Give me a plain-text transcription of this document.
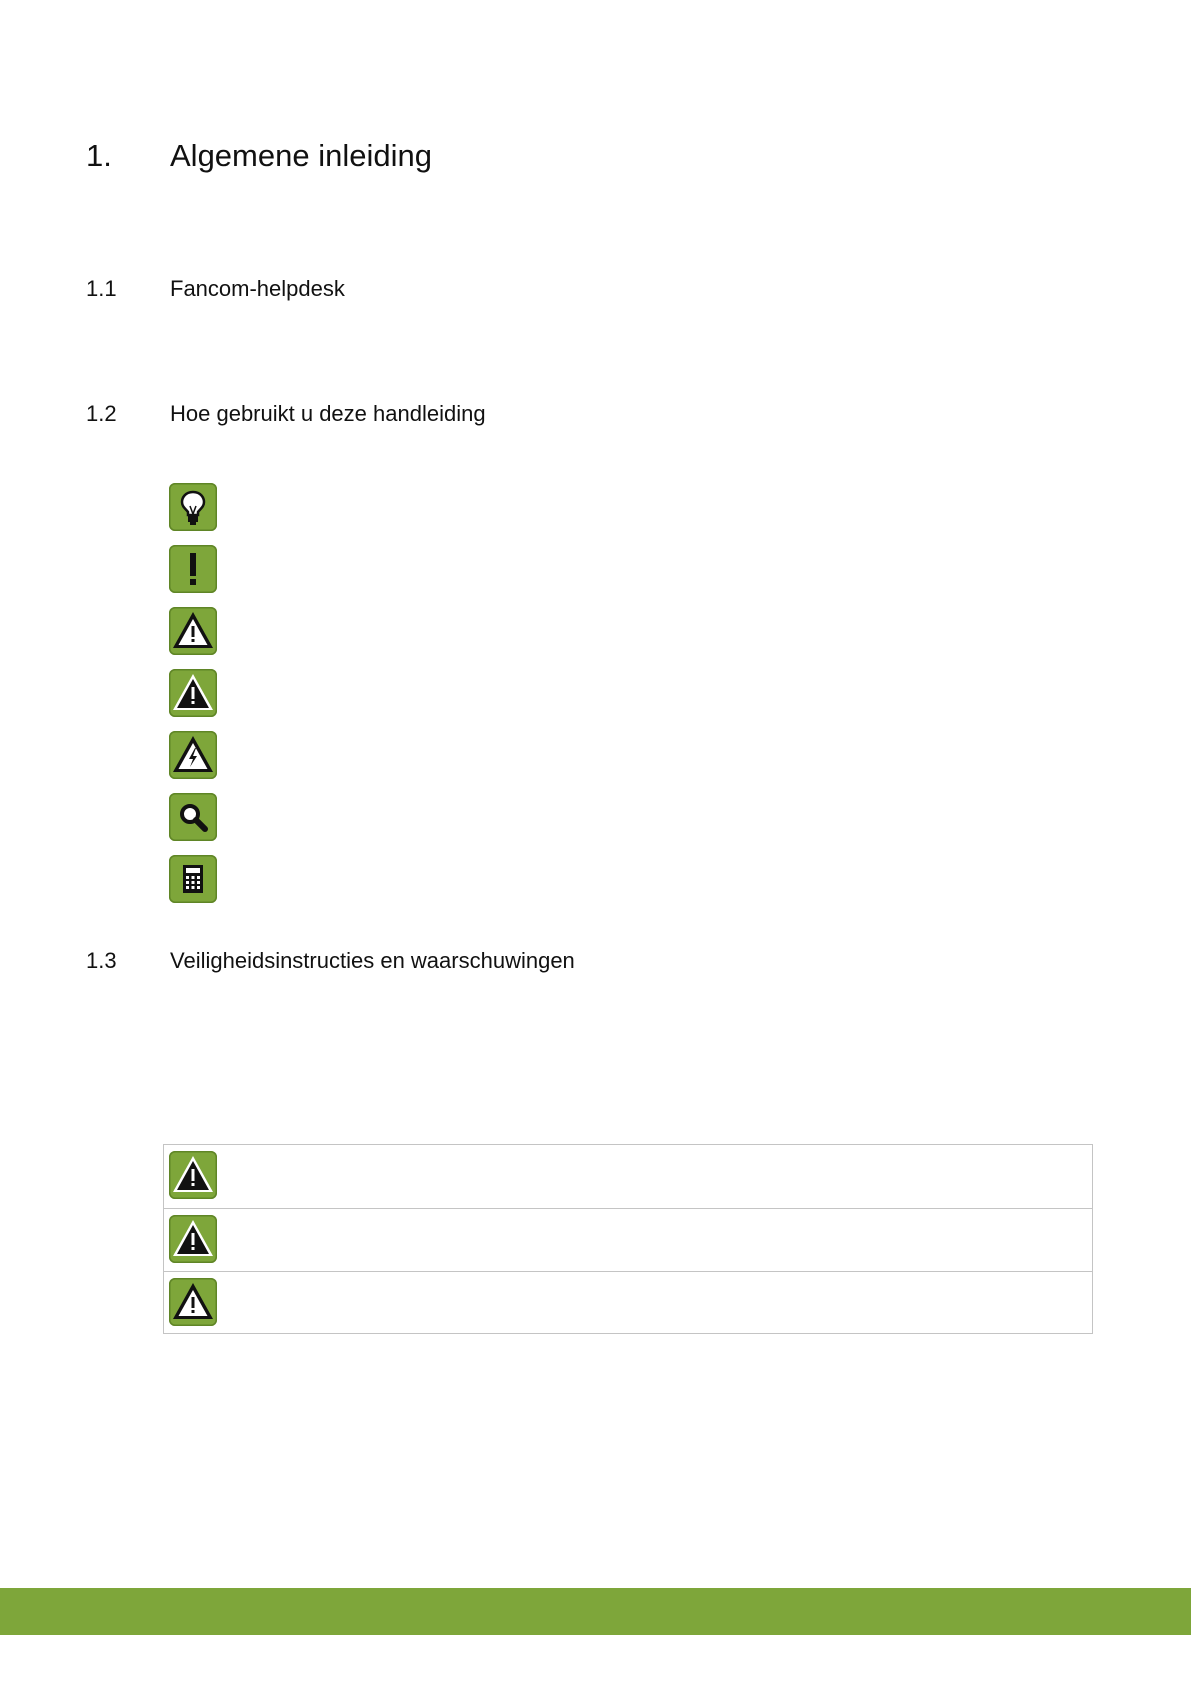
1. Algemene inleiding
1.1 Fancom-helpdesk
1.2 Hoe gebruikt u deze handleiding
1.3 Veiligheidsinstructies en waarschuwingen
